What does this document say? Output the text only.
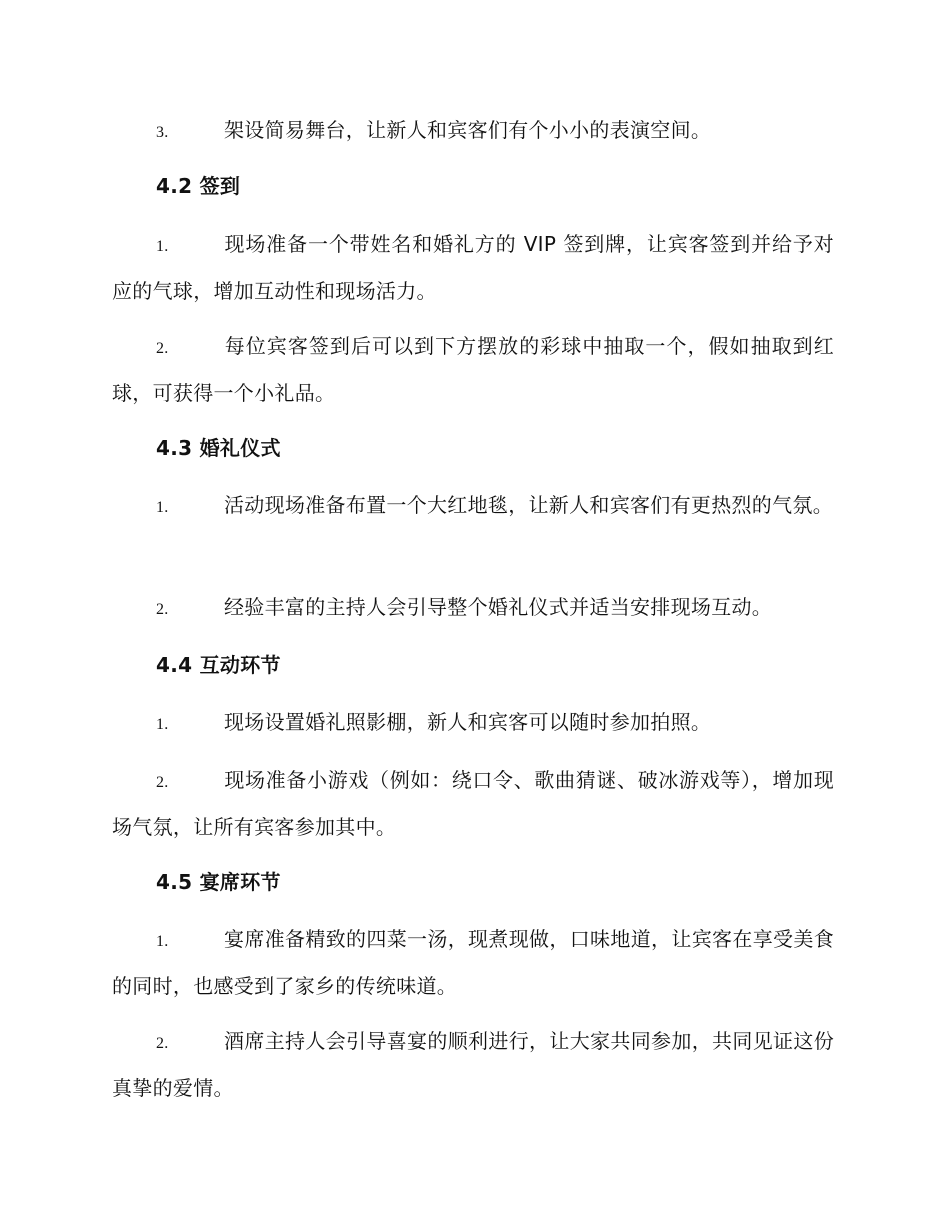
3.	架设简易舞台，让新人和宾客们有个小小的表演空间。
4.2 签到
1.	现场准备一个带姓名和婚礼方的 VIP 签到牌，让宾客签到并给予对应的气球，增加互动性和现场活力。
2.	每位宾客签到后可以到下方摆放的彩球中抽取一个，假如抽取到红球，可获得一个小礼品。
4.3 婚礼仪式
1.	活动现场准备布置一个大红地毯，让新人和宾客们有更热烈的气氛。
2.	经验丰富的主持人会引导整个婚礼仪式并适当安排现场互动。
4.4 互动环节
1.	现场设置婚礼照影棚，新人和宾客可以随时参加拍照。
2.	现场准备小游戏（例如：绕口令、歌曲猜谜、破冰游戏等），增加现场气氛，让所有宾客参加其中。
4.5 宴席环节
1.	宴席准备精致的四菜一汤，现煮现做，口味地道，让宾客在享受美食的同时，也感受到了家乡的传统味道。
2.	酒席主持人会引导喜宴的顺利进行，让大家共同参加，共同见证这份真挚的爱情。
